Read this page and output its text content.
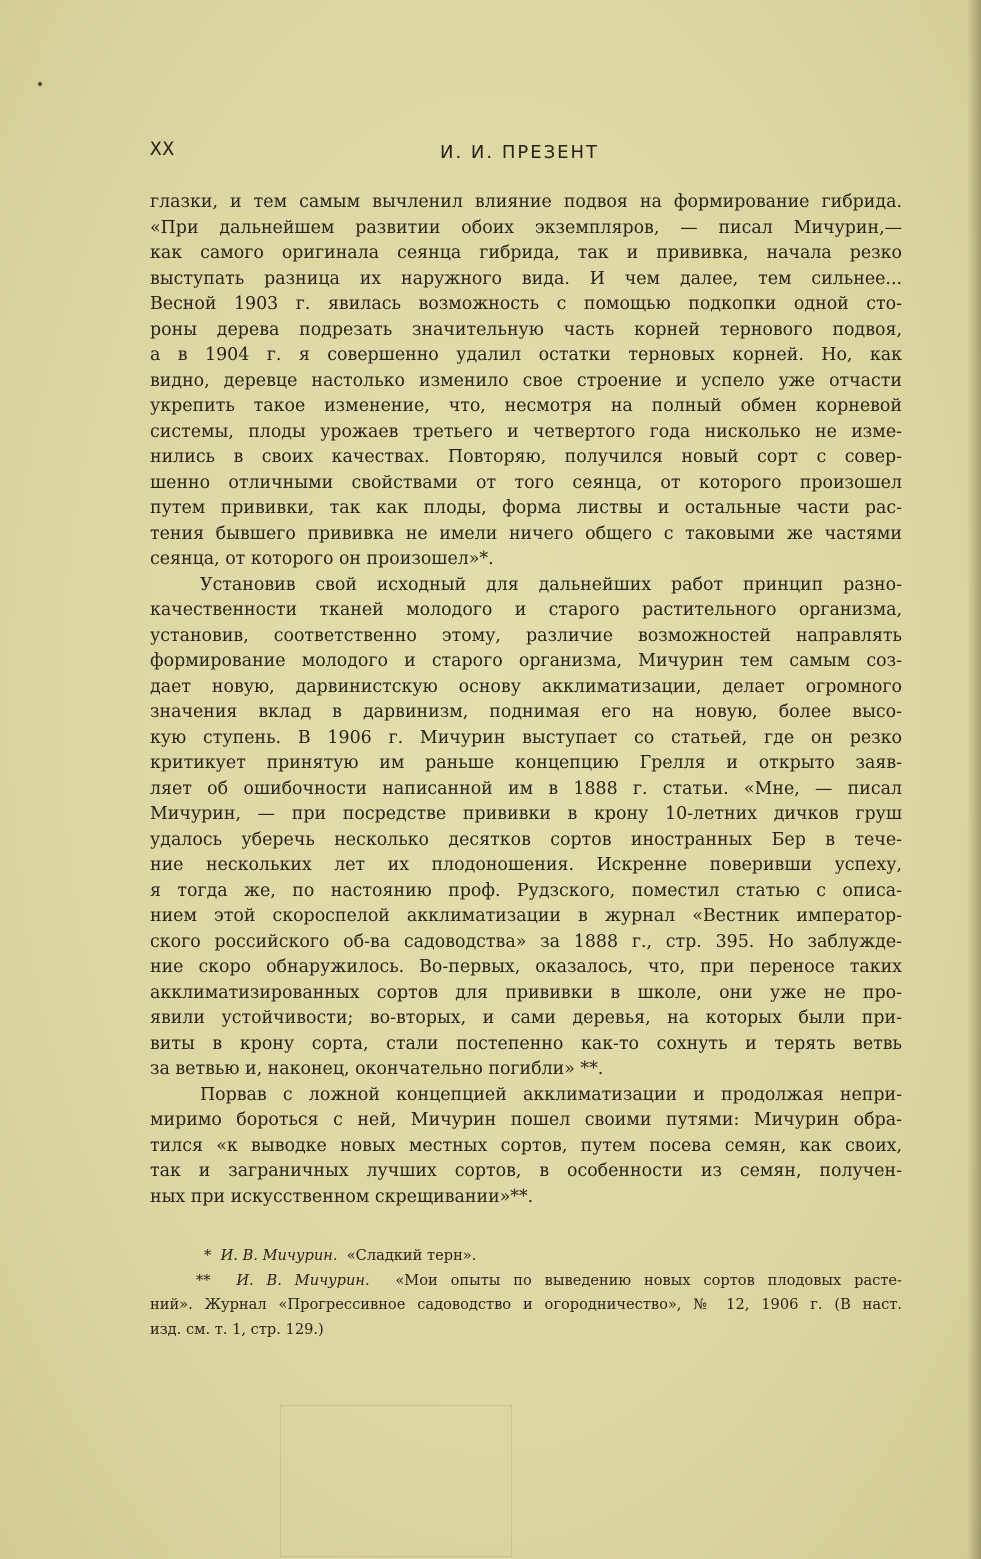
XX	И. И. ПРЕЗЕНТ
глазки, и тем самым вычленил влияние подвоя на формирование гибрида.
«При дальнейшем развитии обоих экземпляров, — писал Мичурин,—
как самого оригинала сеянца гибрида, так и прививка, начала резко
выступать разница их наружного вида. И чем далее, тем сильнее...
Весной 1903 г. явилась возможность с помощью подкопки одной сто-
роны дерева подрезать значительную часть корней тернового подвоя,
а в 1904 г. я совершенно удалил остатки терновых корней. Но, как
видно, деревце настолько изменило свое строение и успело уже отчасти
укрепить такое изменение, что, несмотря на полный обмен корневой
системы, плоды урожаев третьего и четвертого года нисколько не изме-
нились в своих качествах. Повторяю, получился новый сорт с совер-
шенно отличными свойствами от того сеянца, от которого произошел
путем прививки, так как плоды, форма листвы и остальные части рас-
тения бывшего прививка не имели ничего общего с таковыми же частями
сеянца, от которого он произошел»*.
Установив свой исходный для дальнейших работ принцип разно-
качественности тканей молодого и старого растительного организма,
установив, соответственно этому, различие возможностей направлять
формирование молодого и старого организма, Мичурин тем самым соз-
дает новую, дарвинистскую основу акклиматизации, делает огромного
значения вклад в дарвинизм, поднимая его на новую, более высо-
кую ступень. В 1906 г. Мичурин выступает со статьей, где он резко
критикует принятую им раньше концепцию Грелля и открыто заяв-
ляет об ошибочности написанной им в 1888 г. статьи. «Мне, — писал
Мичурин, — при посредстве прививки в крону 10-летних дичков груш
удалось уберечь несколько десятков сортов иностранных Бер в тече-
ние нескольких лет их плодоношения. Искренне поверивши успеху,
я тогда же, по настоянию проф. Рудзского, поместил статью с описа-
нием этой скороспелой акклиматизации в журнал «Вестник император-
ского российского об-ва садоводства» за 1888 г., стр. 395. Но заблужде-
ние скоро обнаружилось. Во-первых, оказалось, что, при переносе таких
акклиматизированных сортов для прививки в школе, они уже не про-
явили устойчивости; во-вторых, и сами деревья, на которых были при-
виты в крону сорта, стали постепенно как-то сохнуть и терять ветвь
за ветвью и, наконец, окончательно погибли» **.
Порвав с ложной концепцией акклиматизации и продолжая непри-
миримо бороться с ней, Мичурин пошел своими путями: Мичурин обра-
тился «к выводке новых местных сортов, путем посева семян, как своих,
так и заграничных лучших сортов, в особенности из семян, получен-
ных при искусственном скрещивании»**.
* И. В. Мичурин. «Сладкий терн».
** И. В. Мичурин. «Мои опыты по выведению новых сортов плодовых расте-
ний». Журнал «Прогрессивное садоводство и огородничество», № 12, 1906 г. (В наст.
изд. см. т. 1, стр. 129.)
